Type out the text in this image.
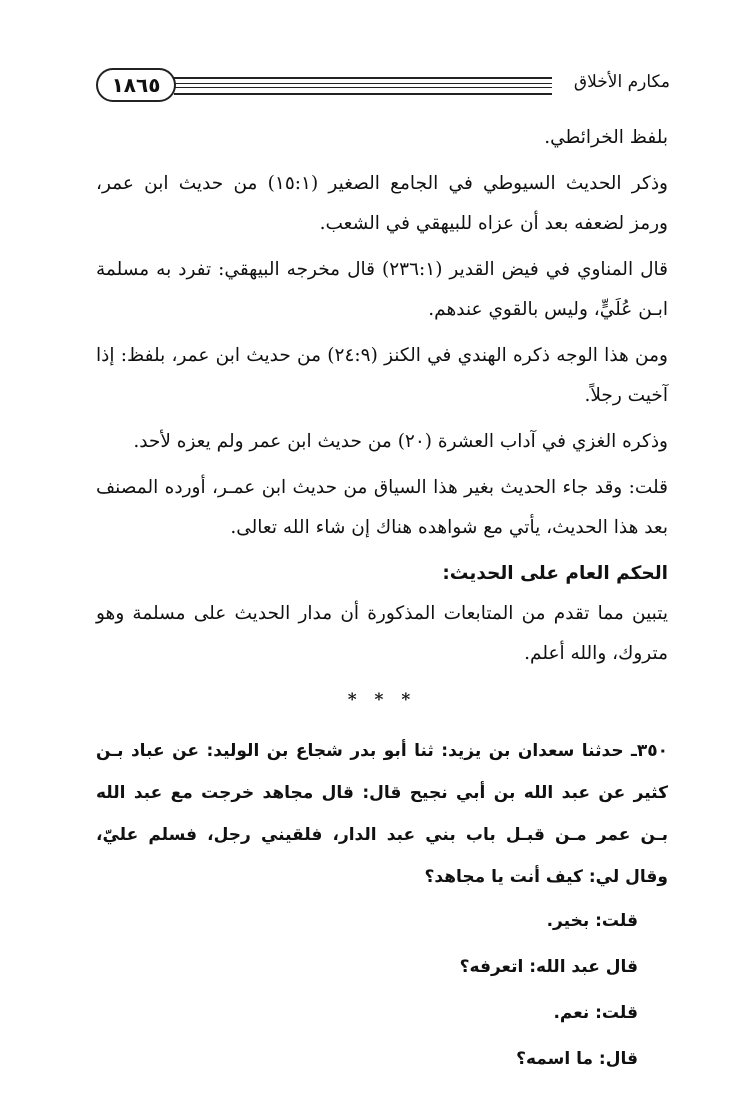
١٨٦٥	مكارم الأخلاق

بلفظ الخرائطي.

وذكر الحديث السيوطي في الجامع الصغير (١٥:١) من حديث ابن عمر، ورمز لضعفه بعد أن عزاه للبيهقي في الشعب.

قال المناوي في فيض القدير (٢٣٦:١) قال مخرجه البيهقي: تفرد به مسلمة ابـن عُلَيٍّ، وليس بالقوي عندهم.

ومن هذا الوجه ذكره الهندي في الكنز (٢٤:٩) من حديث ابن عمر، بلفظ: إذا آخيت رجلاً.

وذكره الغزي في آداب العشرة (٢٠) من حديث ابن عمر ولم يعزه لأحد.

قلت: وقد جاء الحديث بغير هذا السياق من حديث ابن عمـر، أورده المصنف بعد هذا الحديث، يأتي مع شواهده هناك إن شاء الله تعالى.

الحكم العام على الحديث:

يتبين مما تقدم من المتابعات المذكورة أن مدار الحديث على مسلمة وهو متروك، والله أعلم.

* * *

٣٥٠ـ حدثنا سعدان بن يزيد: ثنا أبو بدر شجاع بن الوليد: عن عباد بـن كثير عن عبد الله بن أبي نجيح قال: قال مجاهد خرجت مع عبد الله بـن عمر مـن قبـل باب بني عبد الدار، فلقيني رجل، فسلم عليّ، وقال لي: كيف أنت يا مجاهد؟

قلت: بخير.

قال عبد الله: اتعرفه؟

قلت: نعم.

قال: ما اسمه؟
